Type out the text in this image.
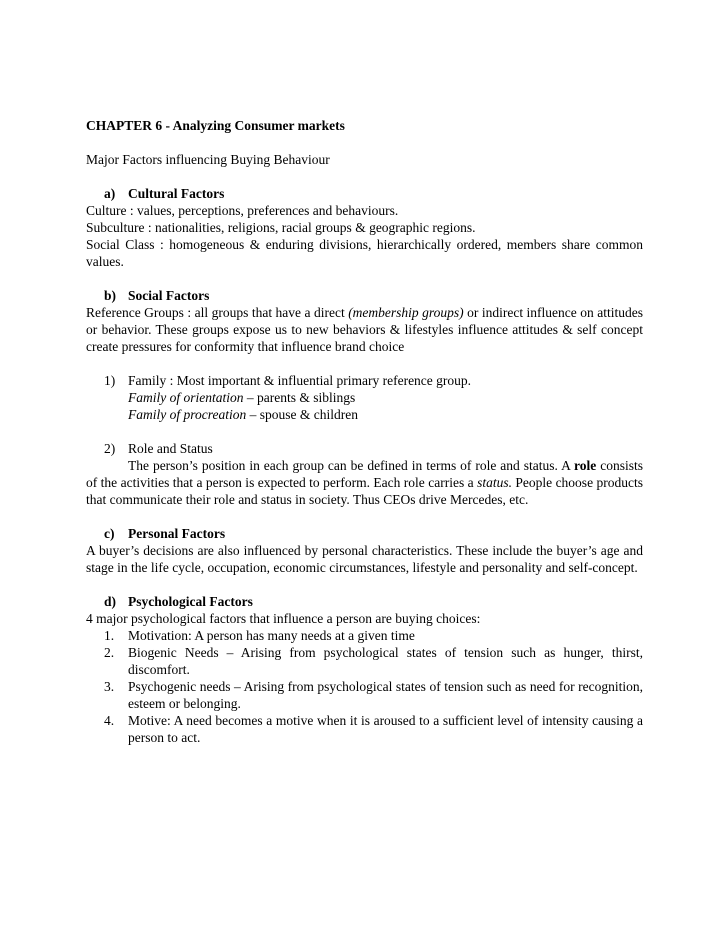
CHAPTER 6 - Analyzing Consumer markets
Major Factors influencing Buying Behaviour
a) Cultural Factors
Culture : values, perceptions, preferences and behaviours.
Subculture : nationalities, religions, racial groups & geographic regions.
Social Class : homogeneous & enduring divisions, hierarchically ordered, members share common values.
b) Social Factors
Reference Groups : all groups that have a direct (membership groups) or indirect influence on attitudes or behavior. These groups expose us to new behaviors & lifestyles influence attitudes & self concept create pressures for conformity that influence brand choice
1) Family : Most important & influential primary reference group.
Family of orientation – parents & siblings
Family of procreation – spouse & children
2) Role and Status
The person’s position in each group can be defined in terms of role and status. A role consists of the activities that a person is expected to perform. Each role carries a status. People choose products that communicate their role and status in society. Thus CEOs drive Mercedes, etc.
c) Personal Factors
A buyer’s decisions are also influenced by personal characteristics. These include the buyer’s age and stage in the life cycle, occupation, economic circumstances, lifestyle and personality and self-concept.
d) Psychological Factors
4 major psychological factors that influence a person are buying choices:
1.	Motivation: A person has many needs at a given time
2.	Biogenic Needs – Arising from psychological states of tension such as hunger, thirst, discomfort.
3.	Psychogenic needs – Arising from psychological states of tension such as need for recognition, esteem or belonging.
4.	Motive: A need becomes a motive when it is aroused to a sufficient level of intensity causing a person to act.
